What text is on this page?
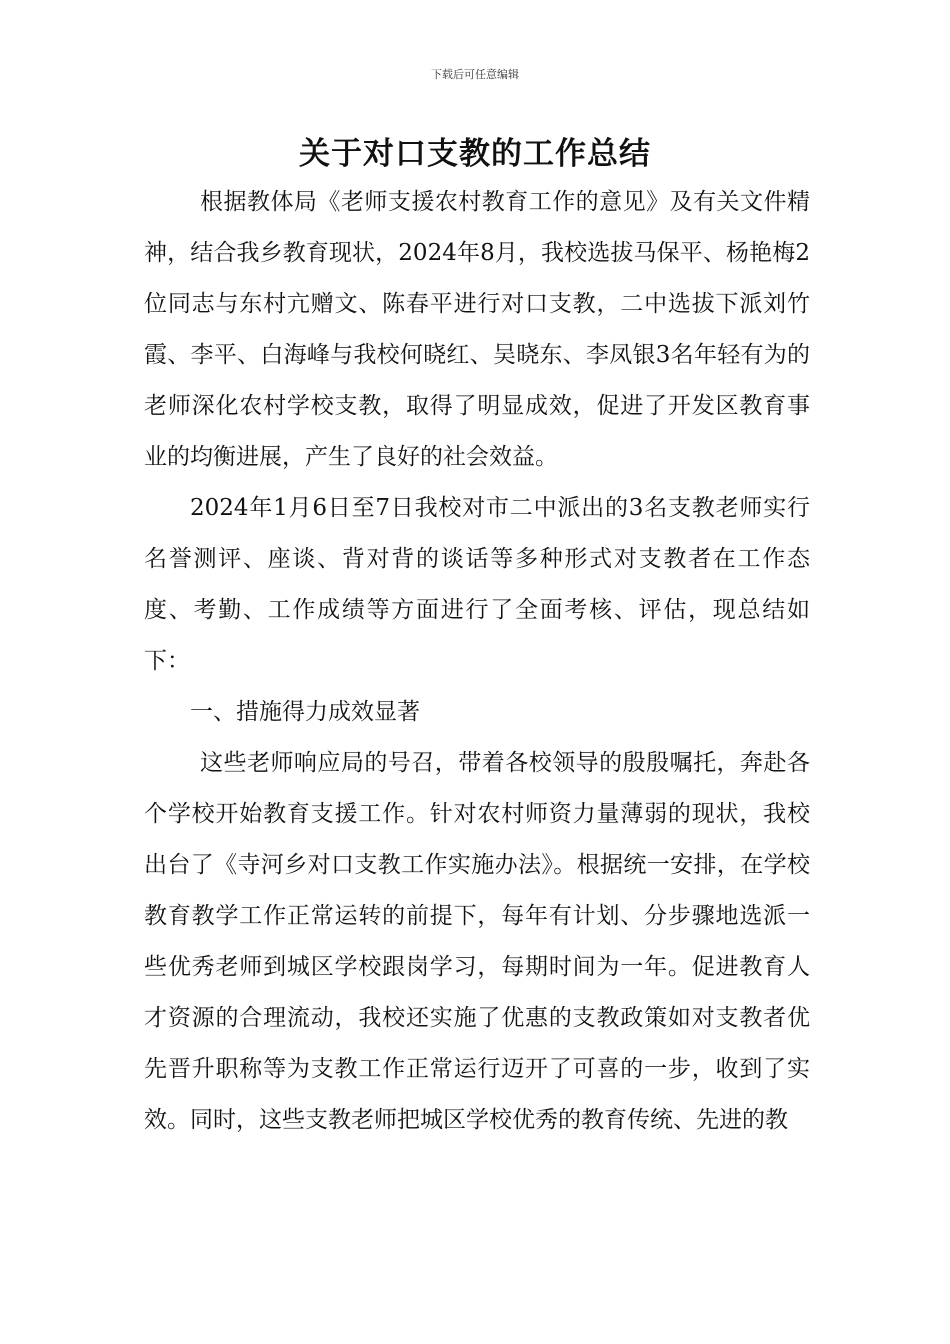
下载后可任意编辑
关于对口支教的工作总结

根据教体局《老师支援农村教育工作的意见》及有关文件精神，结合我乡教育现状，2024年8月，我校选拔马保平、杨艳梅2位同志与东村亢赠文、陈春平进行对口支教，二中选拔下派刘竹霞、李平、白海峰与我校何晓红、吴晓东、李凤银3名年轻有为的老师深化农村学校支教，取得了明显成效，促进了开发区教育事业的均衡进展，产生了良好的社会效益。

2024年1月6日至7日我校对市二中派出的3名支教老师实行名誉测评、座谈、背对背的谈话等多种形式对支教者在工作态度、考勤、工作成绩等方面进行了全面考核、评估，现总结如下：

一、措施得力成效显著

这些老师响应局的号召，带着各校领导的殷殷嘱托，奔赴各个学校开始教育支援工作。针对农村师资力量薄弱的现状，我校出台了《寺河乡对口支教工作实施办法》。根据统一安排，在学校教育教学工作正常运转的前提下，每年有计划、分步骤地选派一些优秀老师到城区学校跟岗学习，每期时间为一年。促进教育人才资源的合理流动，我校还实施了优惠的支教政策如对支教者优先晋升职称等为支教工作正常运行迈开了可喜的一步，收到了实效。同时，这些支教老师把城区学校优秀的教育传统、先进的教
